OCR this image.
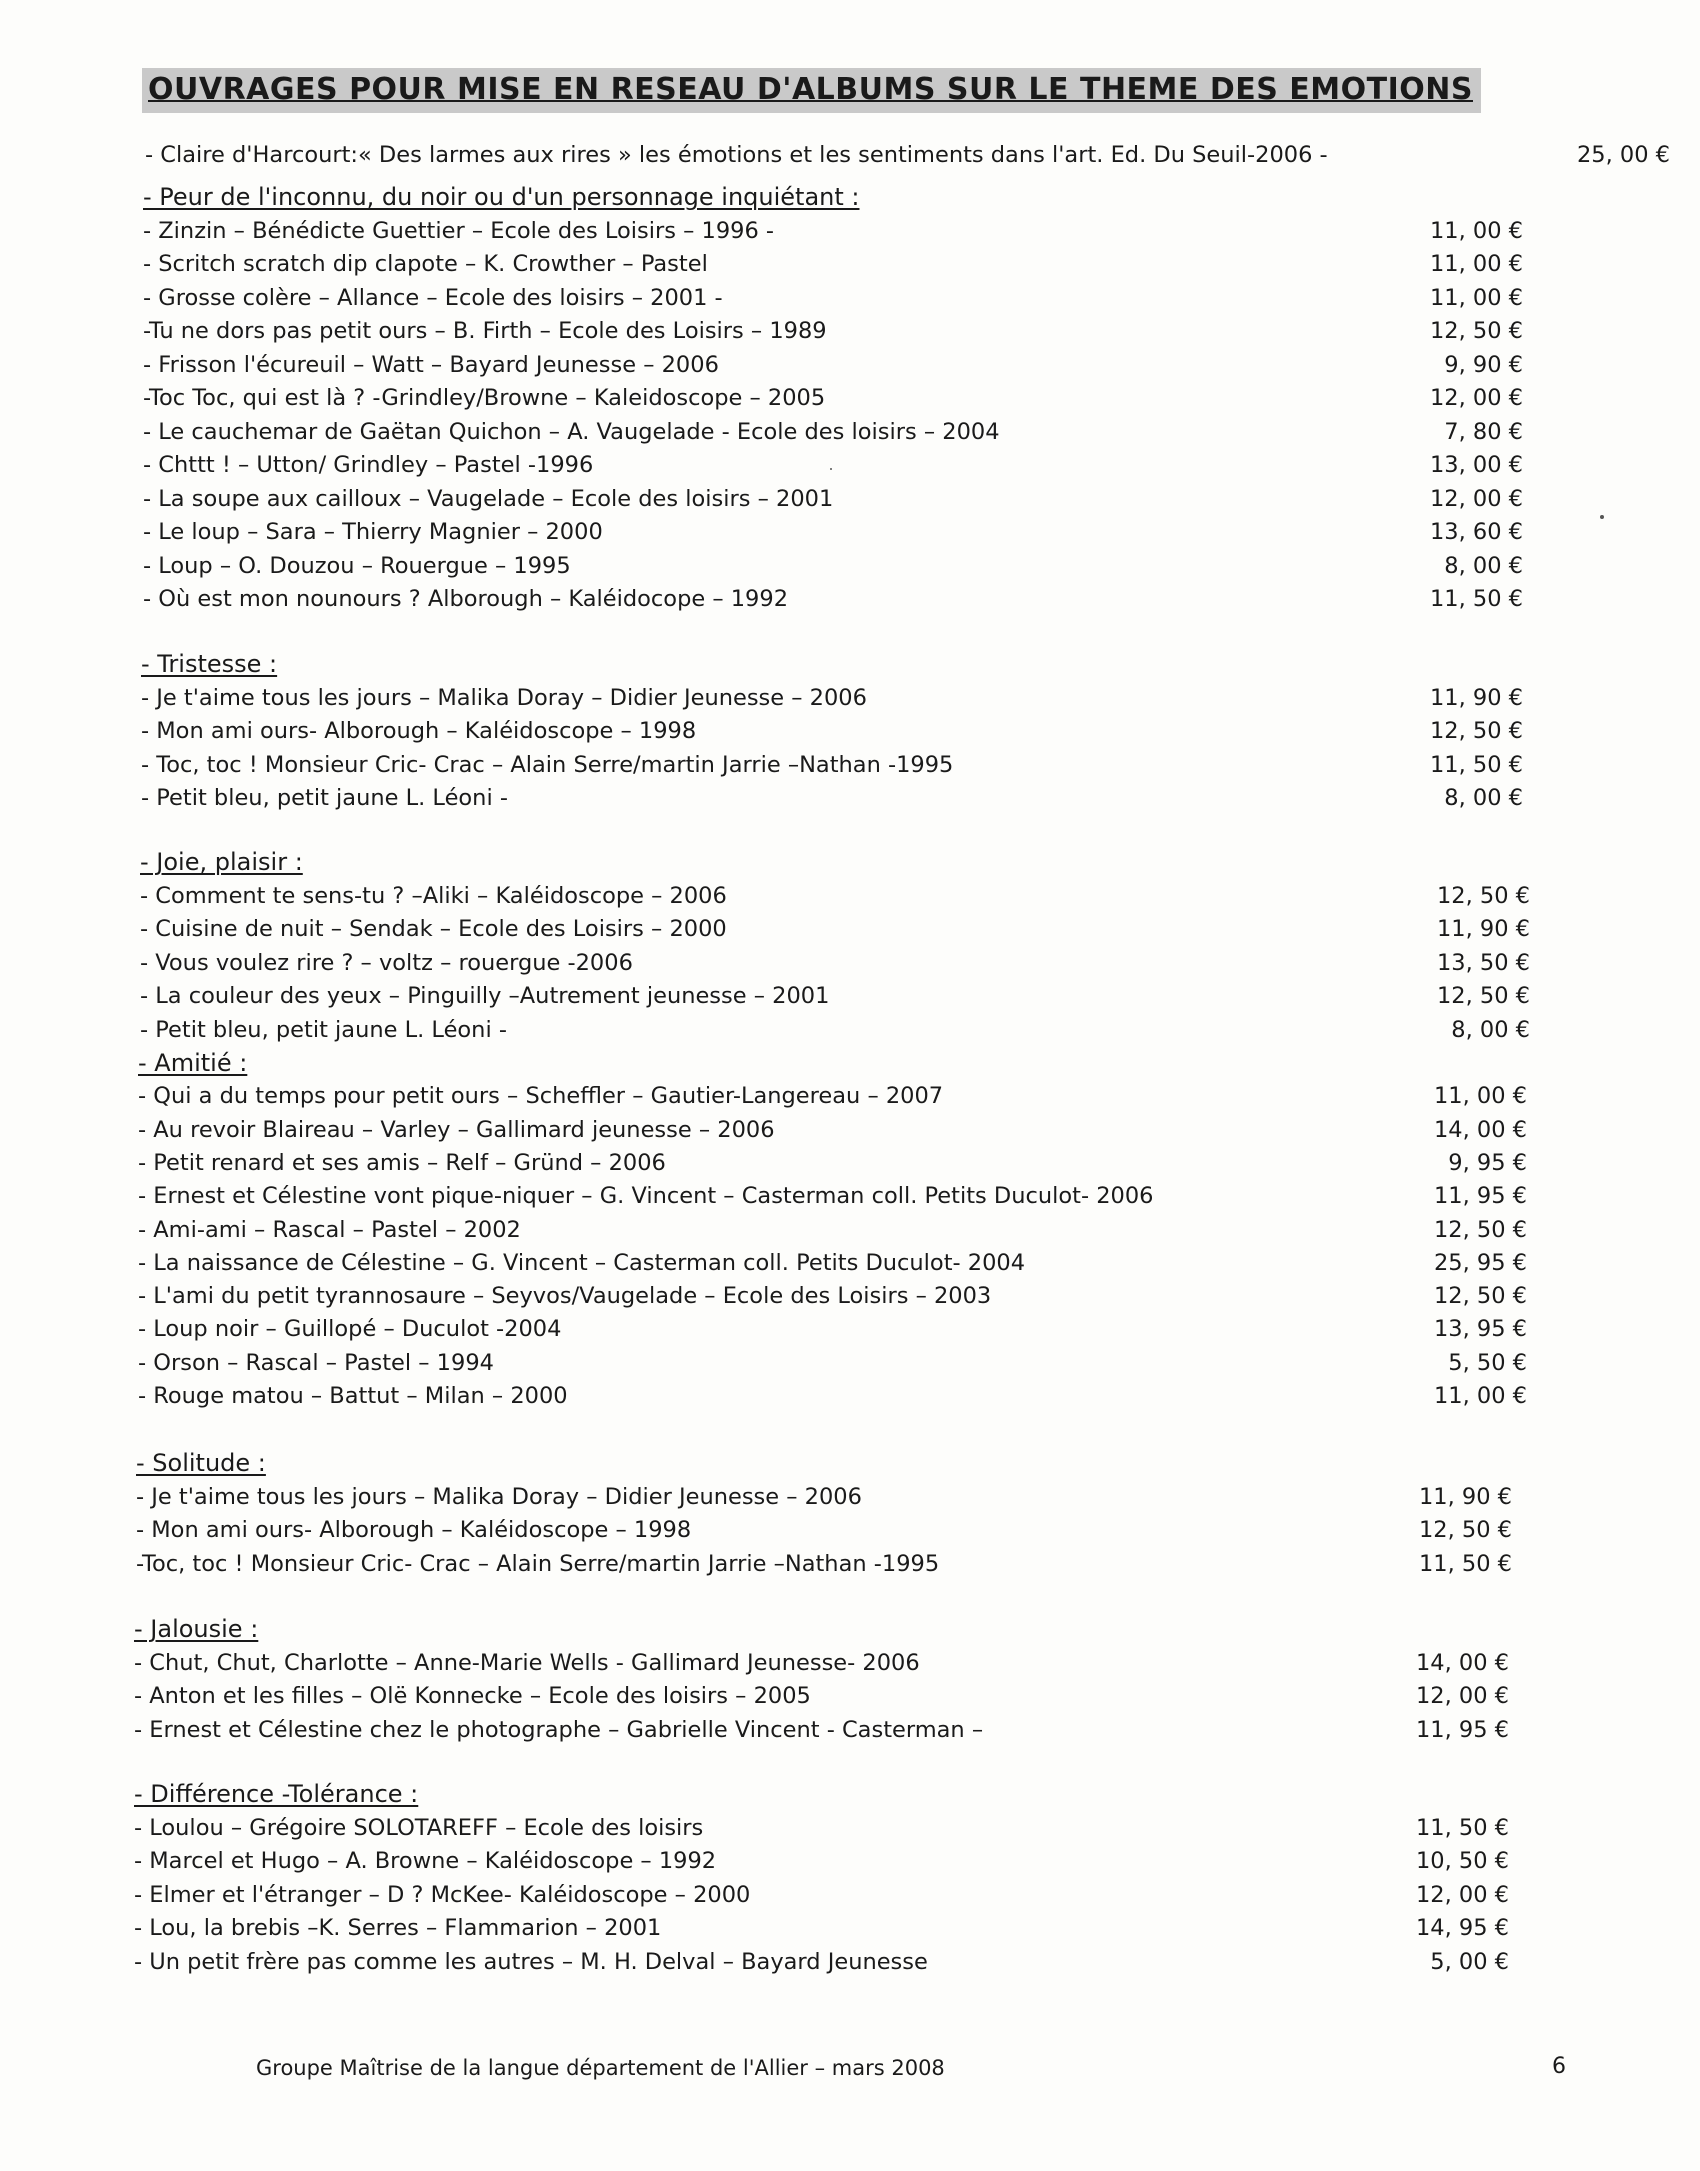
OUVRAGES POUR MISE EN RESEAU D'ALBUMS SUR LE THEME DES EMOTIONS
- Claire d'Harcourt:« Des larmes aux rires » les émotions et les sentiments dans l'art. Ed. Du Seuil-2006 -	25, 00 €
- Peur de l'inconnu, du noir ou d'un personnage inquiétant :
- Zinzin – Bénédicte Guettier – Ecole des Loisirs – 1996 -	11, 00 €
- Scritch scratch dip clapote – K. Crowther – Pastel	11, 00 €
- Grosse colère – Allance – Ecole des loisirs – 2001 -	11, 00 €
-Tu ne dors pas petit ours – B. Firth – Ecole des Loisirs – 1989	12, 50 €
- Frisson l'écureuil – Watt – Bayard Jeunesse – 2006	9, 90 €
-Toc Toc, qui est là ? -Grindley/Browne – Kaleidoscope – 2005	12, 00 €
- Le cauchemar de Gaëtan Quichon – A. Vaugelade - Ecole des loisirs – 2004	7, 80 €
- Chttt ! – Utton/ Grindley – Pastel -1996	13, 00 €
- La soupe aux cailloux – Vaugelade – Ecole des loisirs – 2001	12, 00 €
- Le loup – Sara – Thierry Magnier – 2000	13, 60 €
- Loup – O. Douzou – Rouergue – 1995	8, 00 €
- Où est mon nounours ? Alborough – Kaléidocope – 1992	11, 50 €
- Tristesse :
- Je t'aime tous les jours – Malika Doray – Didier Jeunesse – 2006	11, 90 €
- Mon ami ours- Alborough – Kaléidoscope – 1998	12, 50 €
- Toc, toc ! Monsieur Cric- Crac – Alain Serre/martin Jarrie –Nathan -1995	11, 50 €
- Petit bleu, petit jaune L. Léoni -	8, 00 €
- Joie, plaisir :
- Comment te sens-tu ? –Aliki – Kaléidoscope – 2006	12, 50 €
- Cuisine de nuit – Sendak – Ecole des Loisirs – 2000	11, 90 €
- Vous voulez rire ? – voltz – rouergue -2006	13, 50 €
- La couleur des yeux – Pinguilly –Autrement jeunesse – 2001	12, 50 €
- Petit bleu, petit jaune L. Léoni -	8, 00 €
- Amitié :
- Qui a du temps pour petit ours – Scheffler – Gautier-Langereau – 2007	11, 00 €
- Au revoir Blaireau – Varley – Gallimard jeunesse – 2006	14, 00 €
- Petit renard et ses amis – Relf – Gründ – 2006	9, 95 €
- Ernest et Célestine vont pique-niquer – G. Vincent – Casterman coll. Petits Duculot- 2006	11, 95 €
- Ami-ami – Rascal – Pastel – 2002	12, 50 €
- La naissance de Célestine – G. Vincent – Casterman coll. Petits Duculot- 2004	25, 95 €
- L'ami du petit tyrannosaure – Seyvos/Vaugelade – Ecole des Loisirs – 2003	12, 50 €
- Loup noir – Guillopé – Duculot -2004	13, 95 €
- Orson – Rascal – Pastel – 1994	5, 50 €
- Rouge matou – Battut – Milan – 2000	11, 00 €
- Solitude :
- Je t'aime tous les jours – Malika Doray – Didier Jeunesse – 2006	11, 90 €
- Mon ami ours- Alborough – Kaléidoscope – 1998	12, 50 €
-Toc, toc ! Monsieur Cric- Crac – Alain Serre/martin Jarrie –Nathan -1995	11, 50 €
- Jalousie :
- Chut, Chut, Charlotte – Anne-Marie Wells - Gallimard Jeunesse- 2006	14, 00 €
- Anton et les filles – Olë Konnecke – Ecole des loisirs – 2005	12, 00 €
- Ernest et Célestine chez le photographe – Gabrielle Vincent - Casterman –	11, 95 €
- Différence -Tolérance :
- Loulou – Grégoire SOLOTAREFF – Ecole des loisirs	11, 50 €
- Marcel et Hugo – A. Browne – Kaléidoscope – 1992	10, 50 €
- Elmer et l'étranger – D ? McKee- Kaléidoscope – 2000	12, 00 €
- Lou, la brebis –K. Serres – Flammarion – 2001	14, 95 €
- Un petit frère pas comme les autres – M. H. Delval – Bayard Jeunesse	5, 00 €
Groupe Maîtrise de la langue département de l'Allier – mars 2008	6
